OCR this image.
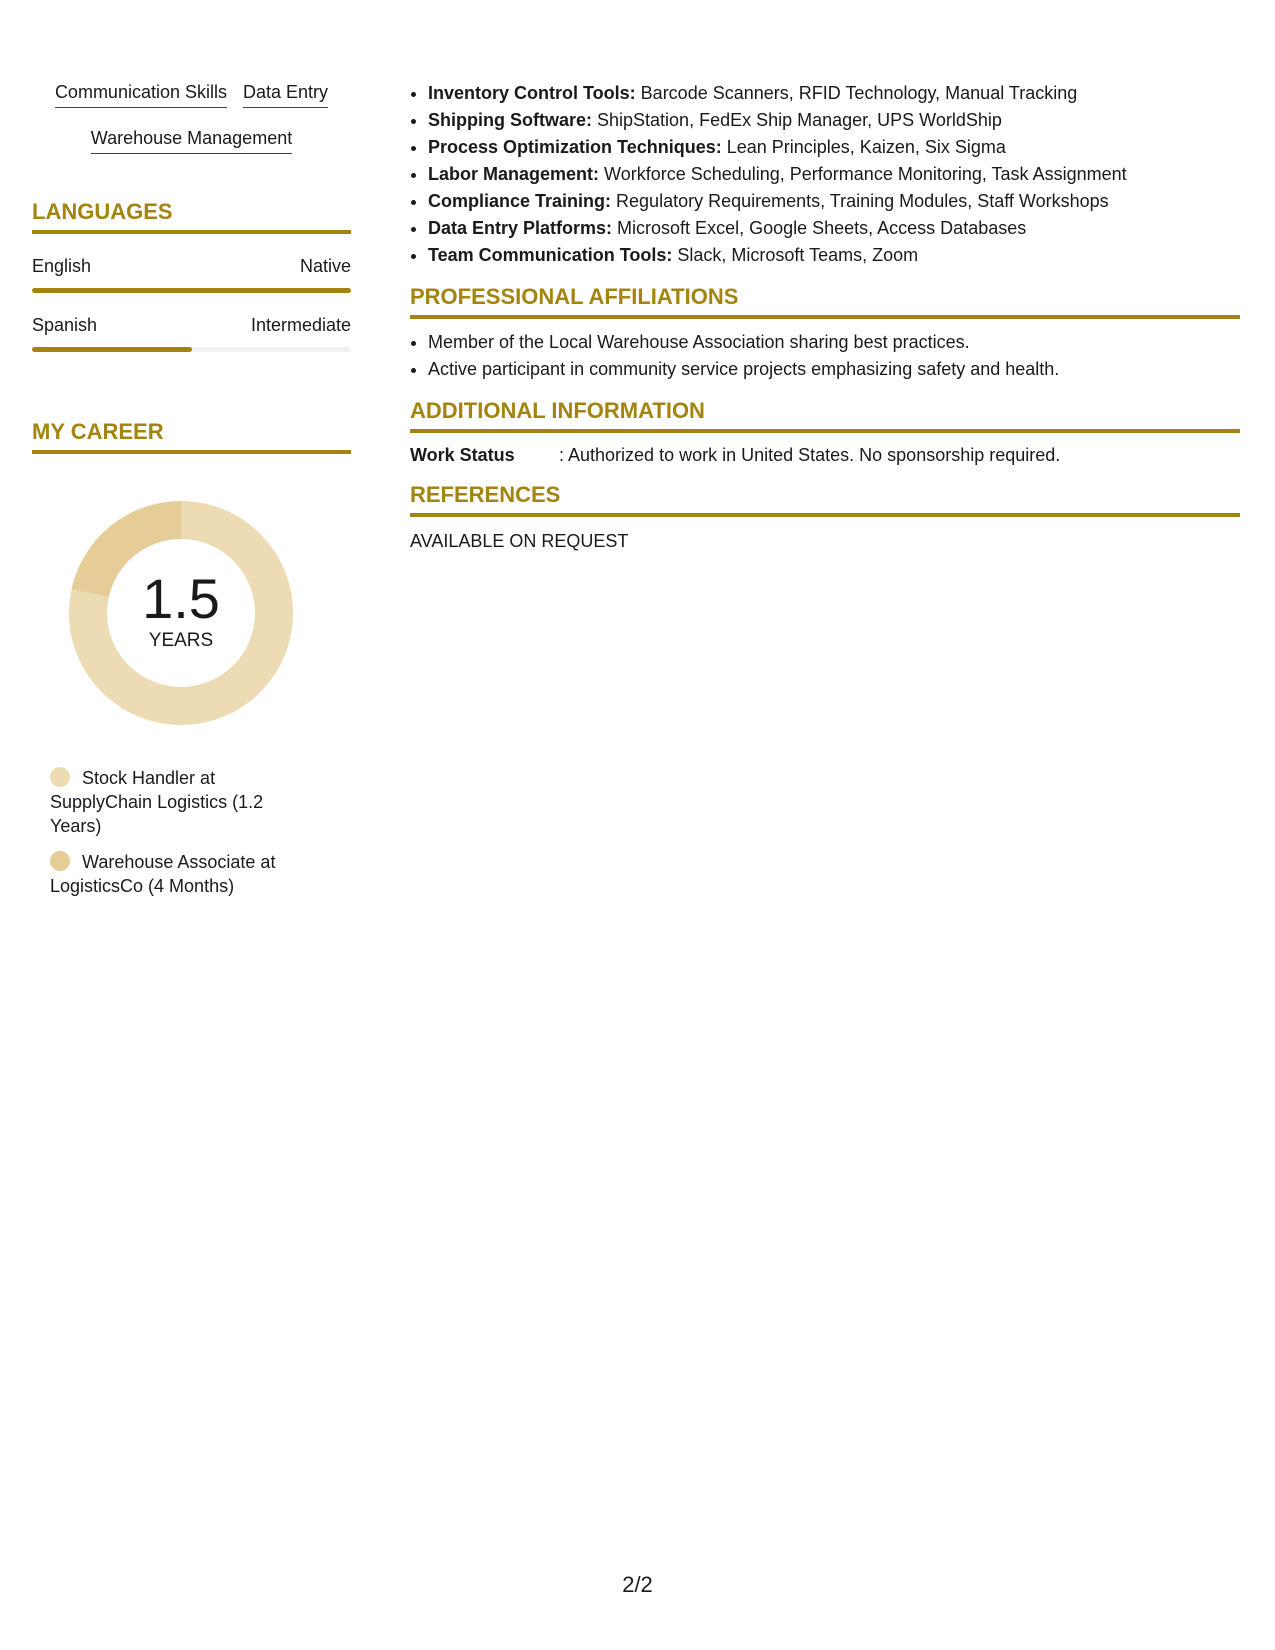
Communication Skills Data Entry
Warehouse Management
LANGUAGES
English	Native
Spanish	Intermediate
MY CAREER
1.5
YEARS
Stock Handler at SupplyChain Logistics (1.2 Years)
Warehouse Associate at LogisticsCo (4 Months)
• Inventory Control Tools: Barcode Scanners, RFID Technology, Manual Tracking
• Shipping Software: ShipStation, FedEx Ship Manager, UPS WorldShip
• Process Optimization Techniques: Lean Principles, Kaizen, Six Sigma
• Labor Management: Workforce Scheduling, Performance Monitoring, Task Assignment
• Compliance Training: Regulatory Requirements, Training Modules, Staff Workshops
• Data Entry Platforms: Microsoft Excel, Google Sheets, Access Databases
• Team Communication Tools: Slack, Microsoft Teams, Zoom
PROFESSIONAL AFFILIATIONS
• Member of the Local Warehouse Association sharing best practices.
• Active participant in community service projects emphasizing safety and health.
ADDITIONAL INFORMATION
Work Status : Authorized to work in United States. No sponsorship required.
REFERENCES
AVAILABLE ON REQUEST
2/2
